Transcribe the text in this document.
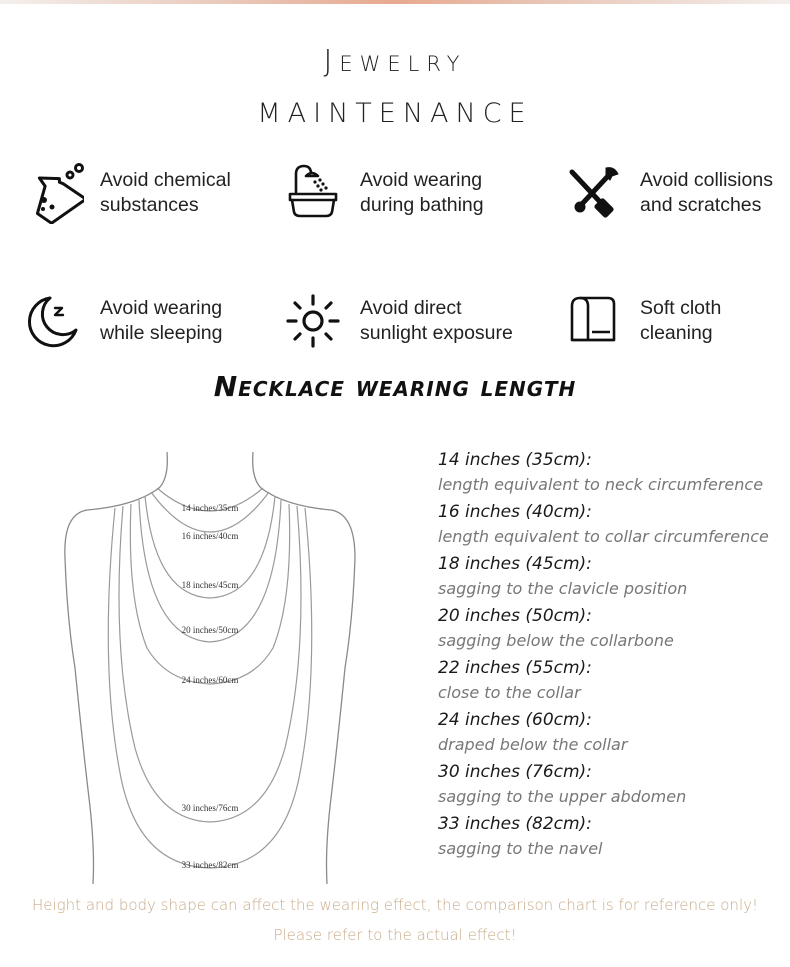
Jewelry
MAINTENANCE
Avoid chemical
substances
Avoid wearing
during bathing
Avoid collisions
and scratches
Avoid wearing
while sleeping
Avoid direct
sunlight exposure
Soft cloth
cleaning
Necklace wearing length
14 inches/35cm
16 inches/40cm
18 inches/45cm
20 inches/50cm
24 inches/60cm
30 inches/76cm
33 inches/82cm
14 inches (35cm):
length equivalent to neck circumference
16 inches (40cm):
length equivalent to collar circumference
18 inches (45cm):
sagging to the clavicle position
20 inches (50cm):
sagging below the collarbone
22 inches (55cm):
close to the collar
24 inches (60cm):
draped below the collar
30 inches (76cm):
sagging to the upper abdomen
33 inches (82cm):
sagging to the navel
Height and body shape can affect the wearing effect, the comparison chart is for reference only!
Please refer to the actual effect!
